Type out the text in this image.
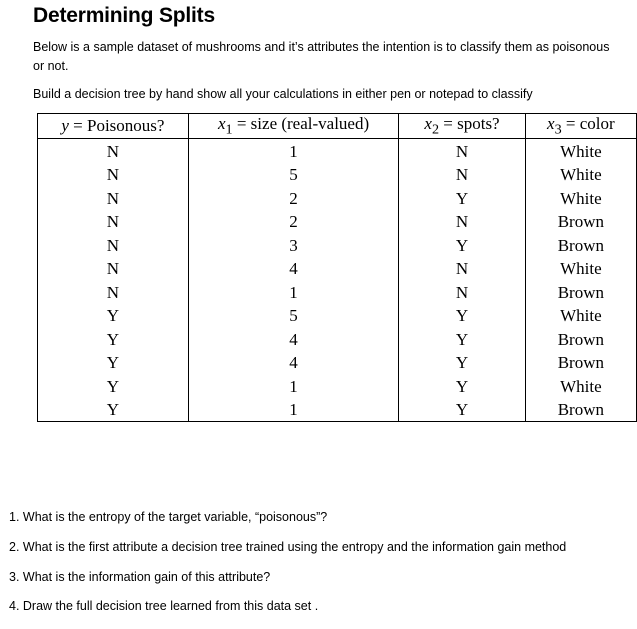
Determining Splits
Below is a sample dataset of mushrooms and it’s attributes the intention is to classify them as poisonous or not.
Build a decision tree by hand show all your calculations in either pen or notepad to classify
y = Poisonous?	$x_1$ = size (real-valued)	$x_2$ = spots?	$x_3$ = color
N	1	N	White
N	5	N	White
N	2	Y	White
N	2	N	Brown
N	3	Y	Brown
N	4	N	White
N	1	N	Brown
Y	5	Y	White
Y	4	Y	Brown
Y	4	Y	Brown
Y	1	Y	White
Y	1	Y	Brown
1. What is the entropy of the target variable, “poisonous”?
2. What is the first attribute a decision tree trained using the entropy and the information gain method
3. What is the information gain of this attribute?
4. Draw the full decision tree learned from this data set .
